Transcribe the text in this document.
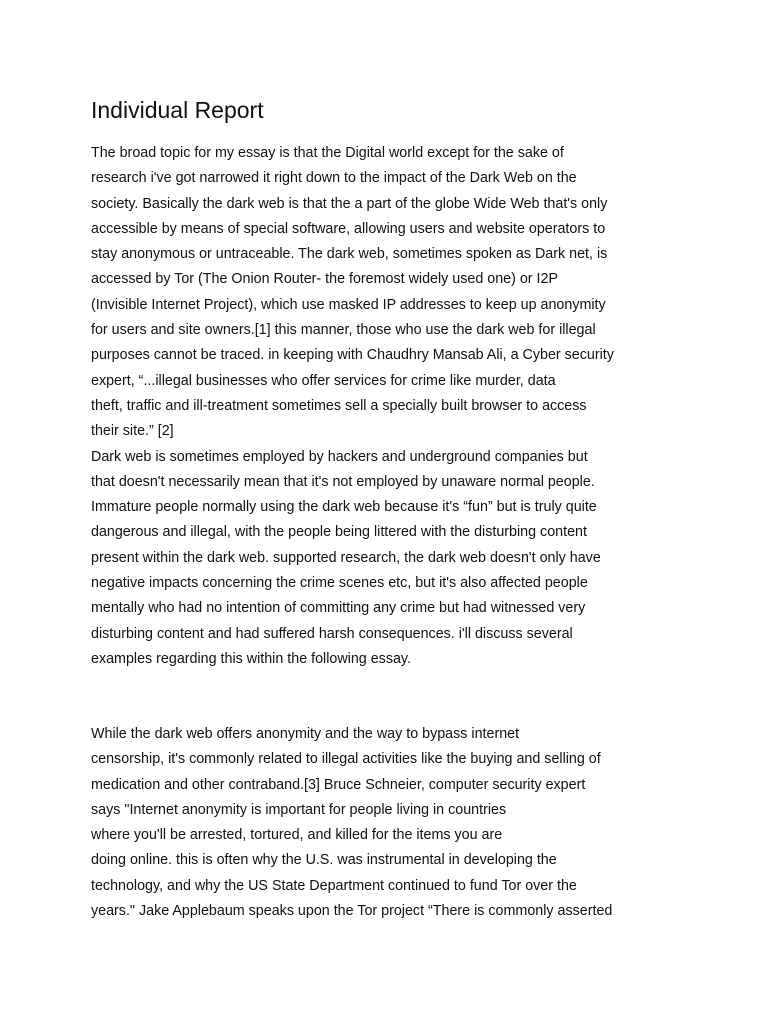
Individual Report
The broad topic for my essay is that the Digital world except for the sake of
research i've got narrowed it right down to the impact of the Dark Web on the
society. Basically the dark web is that the a part of the globe Wide Web that's only
accessible by means of special software, allowing users and website operators to
stay anonymous or untraceable. The dark web, sometimes spoken as Dark net, is
accessed by Tor (The Onion Router- the foremost widely used one) or I2P
(Invisible Internet Project), which use masked IP addresses to keep up anonymity
for users and site owners.[1] this manner, those who use the dark web for illegal
purposes cannot be traced. in keeping with Chaudhry Mansab Ali, a Cyber security
expert, “...illegal businesses who offer services for crime like murder, data
theft, traffic and ill-treatment sometimes sell a specially built browser to access
their site.” [2]
Dark web is sometimes employed by hackers and underground companies but
that doesn't necessarily mean that it's not employed by unaware normal people.
Immature people normally using the dark web because it's “fun” but is truly quite
dangerous and illegal, with the people being littered with the disturbing content
present within the dark web. supported research, the dark web doesn't only have
negative impacts concerning the crime scenes etc, but it's also affected people
mentally who had no intention of committing any crime but had witnessed very
disturbing content and had suffered harsh consequences. i'll discuss several
examples regarding this within the following essay.
While the dark web offers anonymity and the way to bypass internet
censorship, it's commonly related to illegal activities like the buying and selling of
medication and other contraband.[3] Bruce Schneier, computer security expert
says "Internet anonymity is important for people living in countries
where you'll be arrested, tortured, and killed for the items you are
doing online. this is often why the U.S. was instrumental in developing the
technology, and why the US State Department continued to fund Tor over the
years." Jake Applebaum speaks upon the Tor project “There is commonly asserted
